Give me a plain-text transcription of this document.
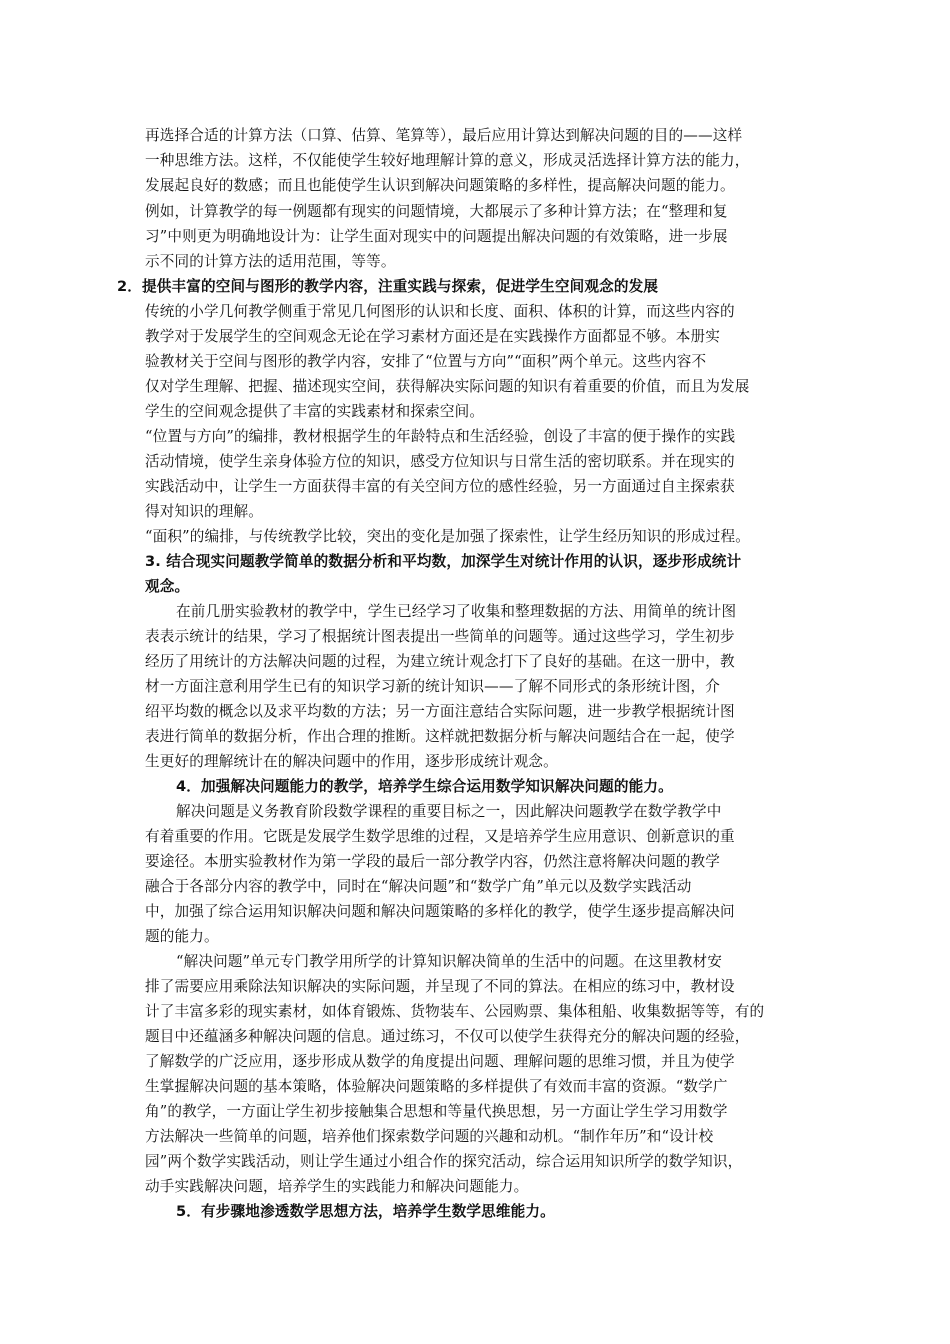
再选择合适的计算方法（口算、估算、笔算等），最后应用计算达到解决问题的目的——这样
一种思维方法。这样，不仅能使学生较好地理解计算的意义，形成灵活选择计算方法的能力，
发展起良好的数感；而且也能使学生认识到解决问题策略的多样性，提高解决问题的能力。
例如，计算教学的每一例题都有现实的问题情境，大都展示了多种计算方法；在“整理和复
习”中则更为明确地设计为：让学生面对现实中的问题提出解决问题的有效策略，进一步展
示不同的计算方法的适用范围，等等。
2．提供丰富的空间与图形的教学内容，注重实践与探索，促进学生空间观念的发展
传统的小学几何教学侧重于常见几何图形的认识和长度、面积、体积的计算，而这些内容的
教学对于发展学生的空间观念无论在学习素材方面还是在实践操作方面都显不够。本册实
验教材关于空间与图形的教学内容，安排了“位置与方向”“面积”两个单元。这些内容不
仅对学生理解、把握、描述现实空间，获得解决实际问题的知识有着重要的价值，而且为发展
学生的空间观念提供了丰富的实践素材和探索空间。
“位置与方向”的编排，教材根据学生的年龄特点和生活经验，创设了丰富的便于操作的实践
活动情境，使学生亲身体验方位的知识，感受方位知识与日常生活的密切联系。并在现实的
实践活动中，让学生一方面获得丰富的有关空间方位的感性经验，另一方面通过自主探索获
得对知识的理解。
“面积”的编排，与传统教学比较，突出的变化是加强了探索性，让学生经历知识的形成过程。
3. 结合现实问题教学简单的数据分析和平均数，加深学生对统计作用的认识，逐步形成统计
观念。
在前几册实验教材的教学中，学生已经学习了收集和整理数据的方法、用简单的统计图
表表示统计的结果，学习了根据统计图表提出一些简单的问题等。通过这些学习，学生初步
经历了用统计的方法解决问题的过程，为建立统计观念打下了良好的基础。在这一册中，教
材一方面注意利用学生已有的知识学习新的统计知识——了解不同形式的条形统计图，介
绍平均数的概念以及求平均数的方法；另一方面注意结合实际问题，进一步教学根据统计图
表进行简单的数据分析，作出合理的推断。这样就把数据分析与解决问题结合在一起，使学
生更好的理解统计在的解决问题中的作用，逐步形成统计观念。
4．加强解决问题能力的教学，培养学生综合运用数学知识解决问题的能力。
解决问题是义务教育阶段数学课程的重要目标之一，因此解决问题教学在数学教学中
有着重要的作用。它既是发展学生数学思维的过程，又是培养学生应用意识、创新意识的重
要途径。本册实验教材作为第一学段的最后一部分教学内容，仍然注意将解决问题的教学
融合于各部分内容的教学中，同时在“解决问题”和“数学广角”单元以及数学实践活动
中，加强了综合运用知识解决问题和解决问题策略的多样化的教学，使学生逐步提高解决问
题的能力。
“解决问题”单元专门教学用所学的计算知识解决简单的生活中的问题。在这里教材安
排了需要应用乘除法知识解决的实际问题，并呈现了不同的算法。在相应的练习中，教材设
计了丰富多彩的现实素材，如体育锻炼、货物装车、公园购票、集体租船、收集数据等等，有的
题目中还蕴涵多种解决问题的信息。通过练习，不仅可以使学生获得充分的解决问题的经验，
了解数学的广泛应用，逐步形成从数学的角度提出问题、理解问题的思维习惯，并且为使学
生掌握解决问题的基本策略，体验解决问题策略的多样提供了有效而丰富的资源。“数学广
角”的教学，一方面让学生初步接触集合思想和等量代换思想，另一方面让学生学习用数学
方法解决一些简单的问题，培养他们探索数学问题的兴趣和动机。“制作年历”和“设计校
园”两个数学实践活动，则让学生通过小组合作的探究活动，综合运用知识所学的数学知识，
动手实践解决问题，培养学生的实践能力和解决问题能力。
5．有步骤地渗透数学思想方法，培养学生数学思维能力。
